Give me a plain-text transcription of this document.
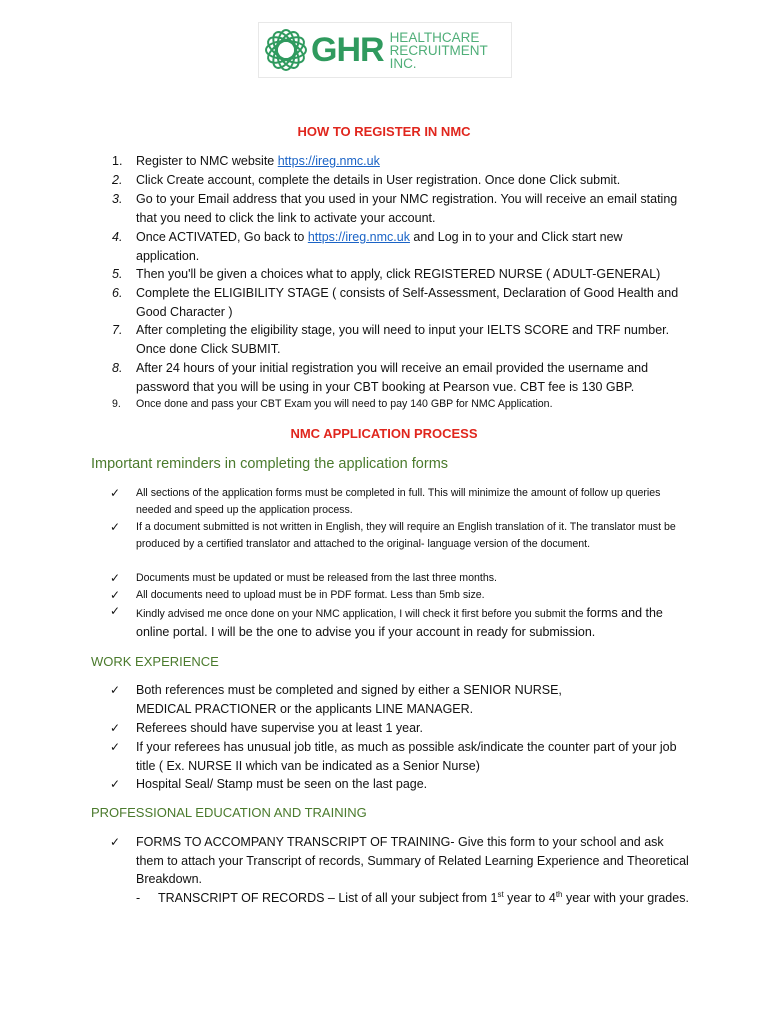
GHR HEALTHCARE
RECRUITMENT
INC.
HOW TO REGISTER IN NMC
1.	Register to NMC website https://ireg.nmc.uk
2.	Click Create account, complete the details in User registration. Once done Click submit.
3.	Go to your Email address that you used in your NMC registration. You will receive an email stating that you need to click the link to activate your account.
4.	Once ACTIVATED, Go back to https://ireg.nmc.uk and Log in to your and Click start new application.
5.	Then you'll be given a choices what to apply, click REGISTERED NURSE ( ADULT-GENERAL)
6.	Complete the ELIGIBILITY STAGE ( consists of Self-Assessment, Declaration of Good Health and Good Character )
7.	After completing the eligibility stage, you will need to input your IELTS SCORE and TRF number. Once done Click SUBMIT.
8.	After 24 hours of your initial registration you will receive an email provided the username and password that you will be using in your CBT booking at Pearson vue. CBT fee is 130 GBP.
9.	Once done and pass your CBT Exam you will need to pay 140 GBP for NMC Application.
NMC APPLICATION PROCESS
Important reminders in completing the application forms
✓ All sections of the application forms must be completed in full. This will minimize the amount of follow up queries needed and speed up the application process.
✓ If a document submitted is not written in English, they will require an English translation of it. The translator must be produced by a certified translator and attached to the original- language version of the document.
✓ Documents must be updated or must be released from the last three months.
✓ All documents need to upload must be in PDF format. Less than 5mb size.
✓ Kindly advised me once done on your NMC application, I will check it first before you submit the forms and the online portal. I will be the one to advise you if your account in ready for submission.
WORK EXPERIENCE
✓ Both references must be completed and signed by either a SENIOR NURSE, MEDICAL PRACTIONER or the applicants LINE MANAGER.
✓ Referees should have supervise you at least 1 year.
✓ If your referees has unusual job title, as much as possible ask/indicate the counter part of your job title ( Ex. NURSE II which van be indicated as a Senior Nurse)
✓ Hospital Seal/ Stamp must be seen on the last page.
PROFESSIONAL EDUCATION AND TRAINING
✓ FORMS TO ACCOMPANY TRANSCRIPT OF TRAINING- Give this form to your school and ask them to attach your Transcript of records, Summary of Related Learning Experience and Theoretical Breakdown.
- TRANSCRIPT OF RECORDS – List of all your subject from 1st year to 4th year with your grades.
